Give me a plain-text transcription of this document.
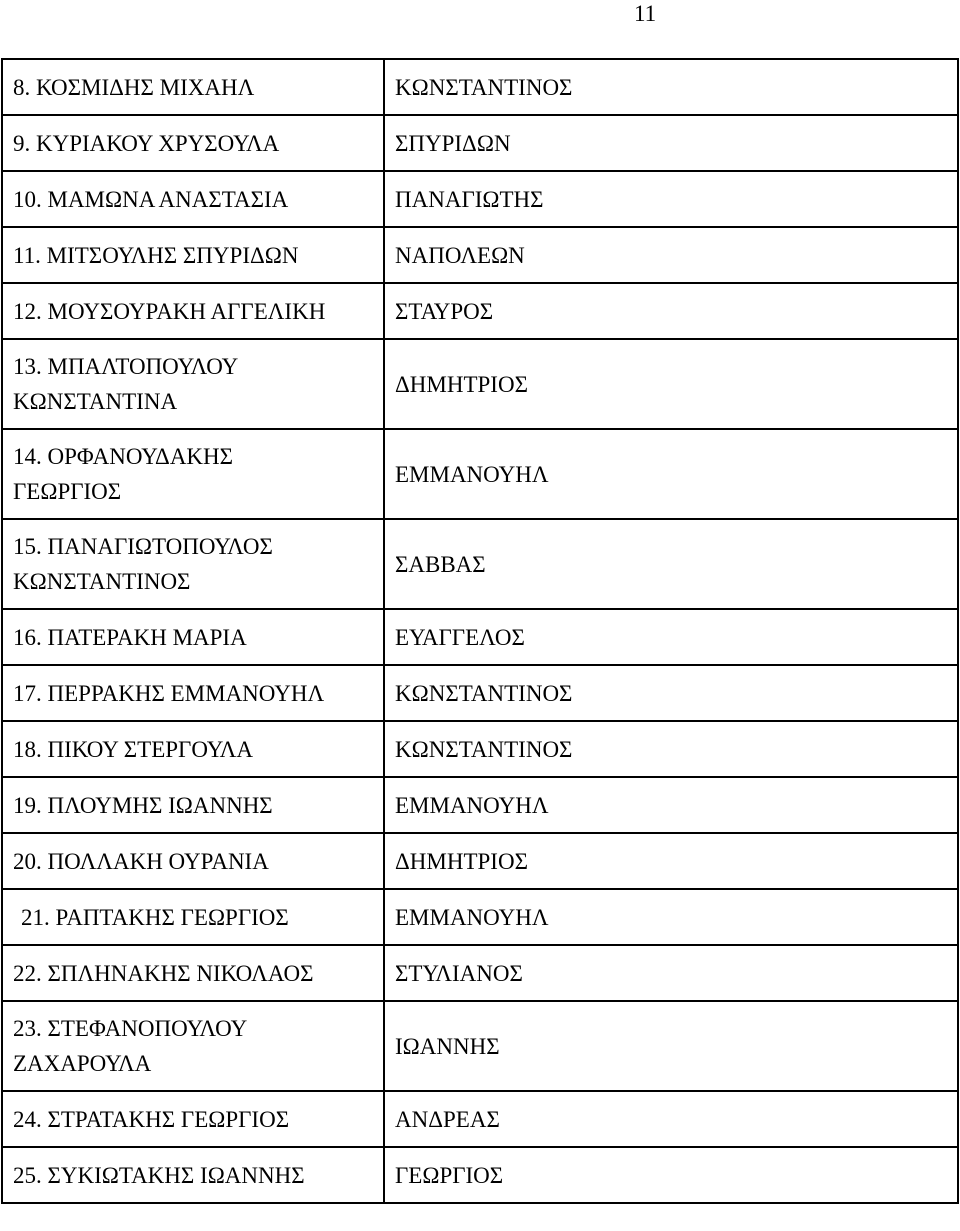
11
8. ΚΟΣΜΙΔΗΣ ΜΙΧΑΗΛ	ΚΩΝΣΤΑΝΤΙΝΟΣ
9. ΚΥΡΙΑΚΟΥ ΧΡΥΣΟΥΛΑ	ΣΠΥΡΙΔΩΝ
10. ΜΑΜΩΝΑ ΑΝΑΣΤΑΣΙΑ	ΠΑΝΑΓΙΩΤΗΣ
11. ΜΙΤΣΟΥΛΗΣ ΣΠΥΡΙΔΩΝ	ΝΑΠΟΛΕΩΝ
12. ΜΟΥΣΟΥΡΑΚΗ ΑΓΓΕΛΙΚΗ	ΣΤΑΥΡΟΣ
13. ΜΠΑΛΤΟΠΟΥΛΟΥ
ΚΩΝΣΤΑΝΤΙΝΑ	ΔΗΜΗΤΡΙΟΣ
14. ΟΡΦΑΝΟΥΔΑΚΗΣ
ΓΕΩΡΓΙΟΣ	ΕΜΜΑΝΟΥΗΛ
15. ΠΑΝΑΓΙΩΤΟΠΟΥΛΟΣ
ΚΩΝΣΤΑΝΤΙΝΟΣ	ΣΑΒΒΑΣ
16. ΠΑΤΕΡΑΚΗ ΜΑΡΙΑ	ΕΥΑΓΓΕΛΟΣ
17. ΠΕΡΡΑΚΗΣ ΕΜΜΑΝΟΥΗΛ	ΚΩΝΣΤΑΝΤΙΝΟΣ
18. ΠΙΚΟΥ ΣΤΕΡΓΟΥΛΑ	ΚΩΝΣΤΑΝΤΙΝΟΣ
19. ΠΛΟΥΜΗΣ ΙΩΑΝΝΗΣ	ΕΜΜΑΝΟΥΗΛ
20. ΠΟΛΛΑΚΗ ΟΥΡΑΝΙΑ	ΔΗΜΗΤΡΙΟΣ
21. ΡΑΠΤΑΚΗΣ ΓΕΩΡΓΙΟΣ	ΕΜΜΑΝΟΥΗΛ
22. ΣΠΛΗΝΑΚΗΣ ΝΙΚΟΛΑΟΣ	ΣΤΥΛΙΑΝΟΣ
23. ΣΤΕΦΑΝΟΠΟΥΛΟΥ
ΖΑΧΑΡΟΥΛΑ	ΙΩΑΝΝΗΣ
24. ΣΤΡΑΤΑΚΗΣ ΓΕΩΡΓΙΟΣ	ΑΝΔΡΕΑΣ
25. ΣΥΚΙΩΤΑΚΗΣ ΙΩΑΝΝΗΣ	ΓΕΩΡΓΙΟΣ
